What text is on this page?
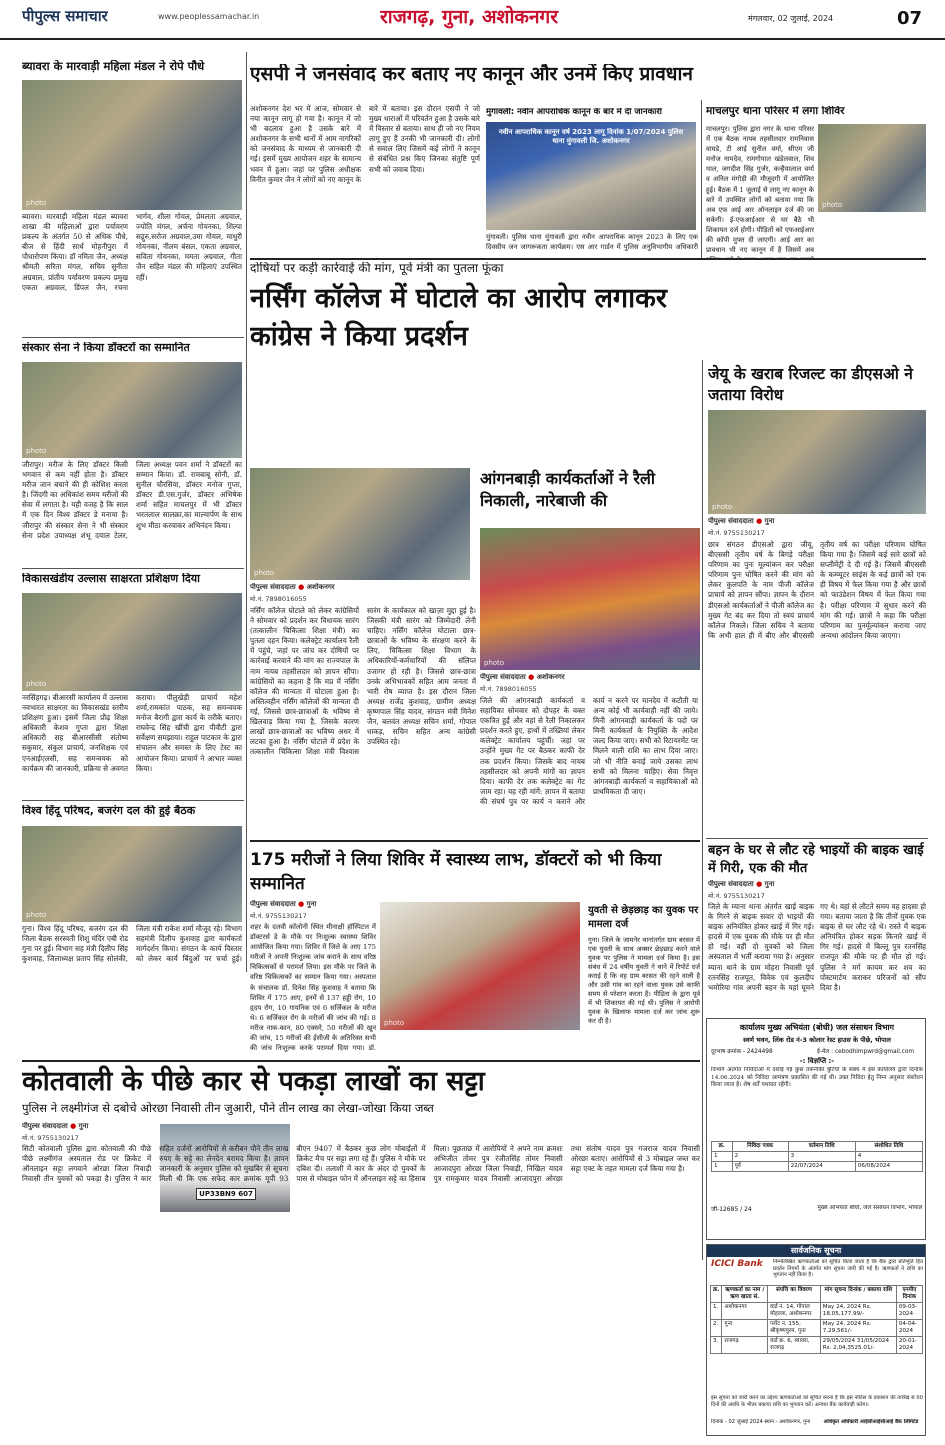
पीपुल्स समाचार	www.peoplessamachar.in	राजगढ़, गुना, अशोकनगर	मंगलवार, 02 जुलाई, 2024	07
ब्यावरा के मारवाड़ी महिला मंडल ने रोपे पौधे
photo
ब्यावरा। मारवाड़ी महिला मंडल ब्यावरा शाखा की महिलाओं द्वारा पर्यावरण प्रकल्प के अंतर्गत 50 से अधिक पौधे, बीज से हिंदी सार्थ मोहनीपुरा में पौधारोपण किया। डॉ नमिता जैन, अध्यक्ष श्रीमती सरिता मंगल, सचिव सुनीता अग्रवाल, प्रांतीय पर्यावरण प्रकल्प प्रमुख एकता अग्रवाल, डिंपल जैन, रचना भार्गव, शीला गोयल, प्रेमलता अग्रवाल, ज्योति मंगल, अर्चना गोयनका, शिल्पा सद्गुरु,सरोज अग्रवाल,उमा गोयल, माधुरी गोयनका, नीलम बंसल, एकता अग्रवाल, सविता गोयनका, ममता अग्रवाल, गीता जैन सहित मंडल की महिलाएं उपस्थित रहीं।
संस्कार सेना ने किया डॉक्टरों का सम्मानित
photo
जीरापुर। मरीज के लिए डॉक्टर किसी भगवान से कम नहीं होता है। डॉक्टर मरीज जान बचाने की ही कोशिश करता है। जिंदगी का अधिकांश समय मरीजों की सेवा में लगाता है। यही वजह है कि साल में एक दिन विश्व डॉक्टर डे मनाया है। जीरापुर की संस्कार सेना ने भी संस्कार सेना प्रदेश उपाध्यक्ष शंभू दयाल टेलर, जिला अध्यक्ष पवन शर्मा ने डॉक्टरों का सम्मान किया। डॉ. रामबाबू सोनी, डॉ. सुनील चौरसिया, डॉक्टर मनोज गुप्ता, डॉक्टर डी.एस.गुर्जर, डॉक्टर अभिषेक शर्मा सहित माचलपुर में भी डॉक्टर भरतलाल सालक्रा,का माल्यार्पण के साथ शुभ मीठा करवाकर अभिनंदन किया।
विकासखंडीय उल्लास साक्षरता प्रशिक्षण दिया
photo
नरसिंहगढ़। बीआरसी कार्यालय में उल्लास नवभारत साक्षरता का विकासखंड स्तरीय प्रशिक्षण हुआ। इसमें जिला प्रौढ़ शिक्षा अधिकारी केशव गुप्ता द्वारा शिक्षा अधिकारी सह बीआरसीसी संतोष्य सकुमार, संकुल प्राचार्य, जनशिक्षक एवं एनआईएलसी, सह समन्वयक को कार्यक्रम की जानकारी, प्रक्रिया से अवगत कराया। पीलुखेड़ी प्राचार्य महेश शर्मा,रामकांत पाठक, सह समन्वयक मनोज बैरागी द्वारा कार्य के तरीके बताए। राघवेन्द्र सिंह खींची द्वारा पीवीटी द्वारा सर्वेक्षण समझाया। राहुल पाटकार के द्वारा संचालन और समस्त के लिए टेस्ट का आयोजन किया। प्राचार्य ने आभार व्यक्त किया।
विश्व हिंदू परिषद, बजरंग दल की हुई बैठक
photo
गुना। विश्व हिंदू परिषद, बजरंग दल की जिला बैठक सरस्वती शिशु मंदिर एबी रोड गुना पर हुई। विभाग सह मंत्री दिलीप सिंह कुशवाह, जिलाध्यक्ष प्रताप सिंह सोलंकी, जिला मंत्री राकेश शर्मा मौजूद रहे। विभाग सहमंत्री दिलीप कुशवाह द्वारा कार्यकर्ता मार्गदर्शन किया। संगठन के कार्य विस्तार को लेकर कार्य बिंदुओं पर चर्चा हुई।
एसपी ने जनसंवाद कर बताए नए कानून और उनमें किए प्रावधान
अशोकनगर देश भर में आज, सोमवार से नया कानून लागू हो गया है। कानून में जो भी बदलाव हुआ है उसके बारे में अशोकनगर के सभी थानों में आम नागरिकों को जनसंवाद के माध्यम से जानकारी दी गई। इसमें मुख्य आयोजन शहर के सामान्य भवन में हुआ। जहां पर पुलिस अधीक्षक विनीत कुमार जैन ने लोगों को नए कानून के बारे में बताया। इस दौरान एसपी ने जो मुख्य धाराओं में परिवर्तन हुआ है उसके बारे में विस्तार से बताया। साथ ही जो नए नियम लागू हुए हैं उनकी भी जानकारी दी। लोगों से सवाल लिए जिसमें कई लोगों ने कानून से संबंधित प्रश्न किए जिनका संतुष्टि पूर्ण सभी को जवाब दिया।
मुंगावली: नवीन आपराधिक कानून के बारे में दी जानकारी
नवीन आपराधिक कानून वर्ष 2023 लागू दिनांक 1/07/2024 पुलिस थाना मुंगावली जि. अशोकनगर
मुंगावली। पुलिस थाना मुंगावली द्वारा नवीन आपराधिक कानून 2023 के लिए एक दिवसीय जन जागरूकता कार्यक्रम। एस आर गार्डन में पुलिस अनुविभागीय अधिकारी
माचलपुर थाना परिसर में लगा शिविर
माचलपुर। पुलिस द्वारा नगर के थाना परिसर में एक बैठक नायब तहसीलदार रामनिवास वाघडे, टी आई सुनील वर्मा, सीएम जी मनोज नामदेव, रामगोपाल खंडेलवाल, शिव माल, जगदीश सिंह गुर्जर, कन्हैयालाल वर्मा व अनिल मंगोड़ी की मौजूदगी में आयोजित हुई। बैठक में 1 जुलाई से लागू नए कानून के बारे में उपस्थित लोगों को बताया गया कि अब एफ आई आर ऑनलाइन दर्ज की जा सकेगी। ई-एफआईआर से घर बैठे भी शिकायत दर्ज होगी। पीड़ितों को एफआईआर की कॉपी मुफ्त दी जाएगी। आई आर का प्रावधान भी नए कानून में है जिसमें अब
photo
दोषियों पर कड़ी कार्रवाई की मांग, पूर्व मंत्री का पुतला फूंका
नर्सिंग कॉलेज में घोटाले का आरोप लगाकर कांग्रेस ने किया प्रदर्शन
photo
पीपुल्स संवाददाता ● अशोकनगर
मो.नं. 7898016055
नर्सिंग कॉलेज घोटाले को लेकर कांग्रेसियों ने सोमवार को प्रदर्शन कर विधायक सारंग (तत्कालीन चिकित्सा शिक्षा मंत्री) का पुतला दहन किया। कलेक्ट्रेट कार्यालय रैली में पहुंचे, जहां पर जांच कर दोषियों पर कार्रवाई करवाने की मांग का राज्यपाल के नाम नायब तहसीलदार को ज्ञापन सौंपा। कांग्रेसियों का कहना है कि मप्र में नर्सिंग कॉलेज की मान्यता में घोटाला हुआ है। अस्तित्वहीन नर्सिंग कॉलेजों की मान्यता दी गई, जिससे छात्र-छात्राओं के भविष्य से खिलवाड़ किया गया है, जिसके कारण लाखों छात्र-छात्राओं का भविष्य अधर में लटका हुआ है। नर्सिंग घोटाले में प्रदेश के तत्कालीन चिकित्सा शिक्षा मंत्री विश्वास सारंग के कार्यकाल को खाज़ा मुद्दा हुई है। जिसकी मंत्री सारंग को जिम्मेदारी लेनी चाहिए। नर्सिंग कॉलेज घोटाला छात्र-छात्राओं के भविष्य के संरक्षण करने के लिए, चिकित्सा शिक्षा विभाग के अधिकारियों-कर्मचारियों की संलिप्त उजागर हो रही है। जिससे छात्र-छात्रा उनके अभिभावकों सहित आम जनता में भारी रोष व्याप्त है। इस दौरान जिला अध्यक्ष राजेंद्र कुशवाह, ग्रामीण अध्यक्ष कृष्णपाल सिंह यादव, संगठन मंत्री मिनेश जैन, बलवंत अध्यक्ष सचिन शर्मा, गोपाल धाकड़, सचिन सहित अन्य कांग्रेसी उपस्थित रहे।
आंगनबाड़ी कार्यकर्ताओं ने रैली निकाली, नारेबाजी की
photo
पीपुल्स संवाददाता ● अशोकनगर
मो.नं. 7898016055
जिले की आंगनबाड़ी कार्यकर्ता व सहायिका सोमवार को दोपहर के वक्त एकत्रित हुईं और वहां से रैली निकालकर प्रदर्शन करते हुए, हाथों में तख्तियां लेकर कलेक्ट्रेट कार्यालय पहुंचीं। जहां पर उन्होंने मुख्य गेट पर बैठकर काफी देर तक प्रदर्शन किया। जिसके बाद नायब तहसीलदार को अपनी मांगों का ज्ञापन दिया। काफी देर तक कलेक्ट्रेट का गेट जाम रहा। यह रही मांगें: ज्ञापन में बताया की संघर्ष पुत्र पर कार्य न कराने और कार्य न करने पर मानदेय में कटौती या अन्य कोई भी कार्यवाही नहीं की जाये। मिनी आंगनवाड़ी कार्यकर्ता के पदो पर मिनी कार्यकर्ता के नियुक्ति के आदेश जल्द किया जाए। सभी को रिटायरमेंट पर मिलने वाली राशि का लाभ दिया जाए। जो भी नीति बनाई जाये उसका लाभ सभी को मिलना चाहिए। सेवा निवृत्त आंगनबाड़ी कार्यकर्ता व सहायिकाओं को प्राथमिकता दी जाए।
जेयू के खराब रिजल्ट का डीएसओ ने जताया विरोध
photo
पीपुल्स संवाददाता ● गुना
मो.नं. 9755130217
छात्र संगठन डीएसओ द्वारा जीयू, बीएससी तृतीय वर्ष के बिगड़े परीक्षा परिणाम का पुनः मूल्यांकन कर परीक्षा परिणाम पुनः घोषित करने की मांग को लेकर कुलपति के नाम पीजी कॉलेज प्राचार्य को ज्ञापन सौंपा। ज्ञापन के दौरान डीएसओ कार्यकर्ताओं ने पीजी कॉलेज का मुख्य गेट बंद कर दिया तो स्वयं प्राचार्य कॉलेज निकले। जिला सचिव ने बताया कि अभी हाल ही में बीए और बीएससी तृतीय वर्ष का परीक्षा परिणाम घोषित किया गया है। जिसमें कई सारे छात्रों को सप्लीमेंट्री दे दी गई है। जिसमें बीएससी के कम्प्यूटर साइंस के कई छात्रों को एक ही विषय में फेल किया गया है और छात्रों को फाउंडेशन विषय में फेल किया गया है। परीक्षा परिणाम में सुधार करने की मांग की गई। छात्रों ने कहा कि परीक्षा परिणाम का पुनर्मूल्यांकन कराया जाए अन्यथा आंदोलन किया जाएगा।
बहन के घर से लौट रहे भाइयों की बाइक खाई में गिरी, एक की मौत
पीपुल्स संवाददाता ● गुना
मो.नं. 9755130217
जिले के म्याना थाना अंतर्गत खाई बाइक के गिरने से बाइक सवार दो भाइयों की बाइक अनियंत्रित होकर खाई में गिर गई। हादसे में एक युवक की मौके पर ही मौत हो गई। वहीं दो युवकों को जिला अस्पताल में भर्ती कराया गया है। अनुसार म्याना थाने के ग्राम मोहरा निवासी पूर्व रतनसिंह राजपूत, विवेक एवं कुलदीप भमोरिया गांव अपनी बहन के यहां घूमने गए थे। वहां से लौटते समय यह हादसा हो गया। बताया जाता है कि तीनों युवक एक बाइक से घर लौट रहे थे। रास्ते में बाइक अनियंत्रित होकर सड़क किनारे खाई में गिर गई। हादसे में बिल्लू पुत्र रतनसिंह राजपूत की मौके पर ही मौत हो गई। पुलिस ने मर्ग कायम कर शव का पोस्टमार्टम कराकर परिजनों को सौंप दिया है।
175 मरीजों ने लिया शिविर में स्वास्थ्य लाभ, डॉक्टरों को भी किया सम्मानित
पीपुल्स संवाददाता ● गुना
मो.नं. 9755130217
photo
शहर के दलवी कॉलोनी स्थित मीनाक्षी हॉस्पिटल में डॉक्टरर्स डे के मौके पर निःशुल्क स्वास्थ्य शिविर आयोजित किया गया। शिविर में जिले के आए 175 मरीजों ने अपनी निःशुल्क जांच कराने के साथ वरिष्ठ चिकित्सकों से परामर्श लिया। इस मौके पर जिले के वरिष्ठ चिकित्सकों का सम्मान किया गया। अस्पताल के संचालक डॉ. दिनेश सिंह कुशवाह ने बताया कि शिविर में 175 आए, इनमें से 137 हड्डी रोग, 10 हृदय रोग, 10 गायनिक एवं 6 सर्जिकल के मरीज थे। 6 सर्जिकल रोग के मरीजों की जांच की गई। 8 मरीज नाक-कान, 80 एक्सरे, 50 मरीजों की खून की जांच, 15 मरीजों की ईसीजी के अतिरिक्त सभी की जांच निःशुल्क करके परामर्श दिया गया। डॉ.
युवती से छेड़छाड़ का युवक पर मामला दर्ज
गुना। जिले के जामनेर थानांतर्गत ग्राम बरसत में एक युवती के साथ अक्सर छेड़छाड़ करने वाले युवक पर पुलिस ने मामला दर्ज किया है। इस संबंध में 24 वर्षीय युवती ने थाने में रिपोर्ट दर्ज कराई है कि वह ग्राम बरसत की रहने वाली है और उसी गांव का रहने वाला युवक उसे काफी समय से परेशान करता है। पीड़िता के द्वारा पूर्व में भी शिकायत की गई थी। पुलिस ने आरोपी युवक के खिलाफ मामला दर्ज कर जांच शुरू कर दी है।
कार्यालय मुख्य अभियंता (बोधी) जल संसाधन विभाग
स्वर्ण भवन, लिंक रोड नं-3 कोलार रेस्ट हाउस के पीछे, भोपाल
दूरभाष क्रमांक - 2424498	ई-मेल : cebodhimpwrd@gmail.com
-: विज्ञप्ति :-
विभाग अंतर्गत निविदाओं में दर्शाई गई कुछ तकनीकी त्रुटियों के संबंध में इस कार्यालय द्वारा दिनांक 14.06.2024 को निविदा आमंत्रण प्रकाशित की गई थी। उक्त निविदा हेतु निम्न अनुसार संशोधन किया जाता है। शेष शर्तें यथावत रहेंगी।
क्र.	निविदा पत्रक	वर्तमान तिथि	संशोधित तिथि
1	2	3	4
1	पूर्व	22/07/2024	06/08/2024
जी-12685 / 24	मुख्य अभियंता बोधी, जल संसाधन विभाग, भोपाल
कोतवाली के पीछे कार से पकड़ा लाखों का सट्टा
पुलिस ने लक्ष्मीगंज से दबोचे ओरछा निवासी तीन जुआरी, पौने तीन लाख का लेखा-जोखा किया जब्त
पीपुल्स संवाददाता ● गुना
मो.नं. 9755130217
UP33BN9 607
सिटी कोतवाली पुलिस द्वारा कोतवाली की पीछे पीछे लक्ष्मीगंज अस्पताल रोड पर क्रिकेट में ऑनलाइन सट्टा लगवाने ओरछा जिला निवाड़ी निवासी तीन युवकों को पकड़ा है। पुलिस ने कार सहित दर्जनों आरोपियों से करीबन पौने तीन लाख रुपए के सट्टे का लेनदेन बरामद किया है। ज्ञापन जानकारी के अनुसार पुलिस को मुखबिर से सूचना मिली थी कि एक सफेद कार क्रमांक यूपी 93 बीएन 9407 में बैठकर कुछ लोग मोबाईलों में क्रिकेट मैच पर सट्टा लगा रहे हैं। पुलिस ने मौके पर दबिश दी। तलाशी में कार के अंदर दो युवकों के पास से मोबाइल फोन में ऑनलाइन सट्टे का हिसाब मिला। पूछताछ में आरोपियों ने अपने नाम क्रमशः अभिजीत तोमर पुत्र रंजीतसिंह तोमर निवासी आजादपुरा ओरछा जिला निवाड़ी, निखिल यादव पुत्र रामकुमार यादव निवासी आजादपुरा ओरछा तथा संतोष यादव पुत्र गजराज यादव निवासी ओरछा बताए। आरोपियों से 3 मोबाइल जब्त कर सट्टा एक्ट के तहत मामला दर्ज किया गया है।
सार्वजनिक सूचना
ICICI Bank	निम्नलिखित ऋणकर्ताओं को सूचित किया जाता है कि बैंक द्वारा प्रतिभूति हित प्रवर्तन नियमों के अंतर्गत मांग सूचना जारी की गई है। ऋणकर्ता ने राशि का भुगतान नहीं किया है।
क्र.	ऋणकर्ता का नाम / ऋण खाता सं.	संपत्ति का विवरण	मांग सूचना दिनांक / बकाया राशि	एनपीए दिनांक
1.	अशोकनगर	वार्ड न. 14, गोपाल मोहल्ला, अशोकनगर	May 24, 2024 Rs. 18,05,177.99/-	09-03-2024
2.	गुना	प्लॉट न. 155, श्रीकृष्णपुरम, गुना	May 24, 2024 Rs. 7,29,561/-	04-04-2024
3.	राजगढ़	वार्ड क्र. 6, ब्यावरा, राजगढ़	29/05/2024 31/05/2024 Rs. 2,04,3525.01/-	20-01-2024
इस सूचना को जारी करने का उद्देश्य ऋणकर्ताओं को सूचित करना है कि इस नोटिस के प्रकाशन की तारीख से 60 दिनों की अवधि के भीतर बकाया राशि का भुगतान करें। अन्यथा बैंक कार्यवाही करेगा।
दिनांक - 02 जुलाई 2024 स्थान - अशोकनगर, गुना	अधिकृत अधिकारी आईसीआईसीआई बैंक लिमिटेड
